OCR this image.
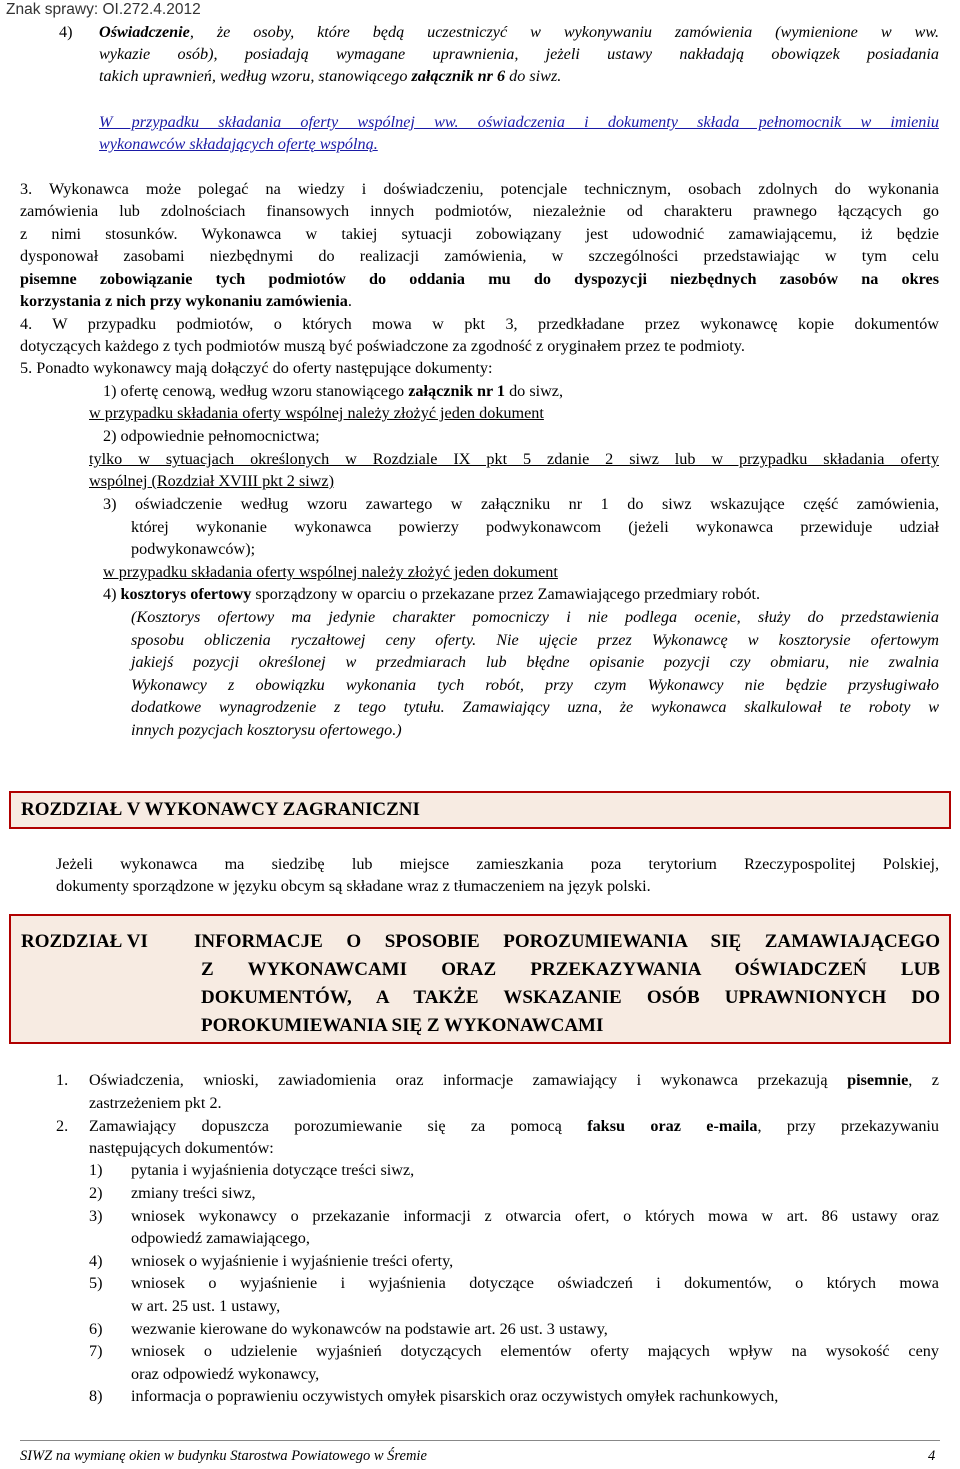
Znak sprawy: OI.272.4.2012
4) Oświadczenie, że osoby, które będą uczestniczyć w wykonywaniu zamówienia (wymienione w ww.
wykazie osób), posiadają wymagane uprawnienia, jeżeli ustawy nakładają obowiązek posiadania
takich uprawnień, według wzoru, stanowiącego załącznik nr 6 do siwz.
W przypadku składania oferty wspólnej ww. oświadczenia i dokumenty składa pełnomocnik w imieniu
wykonawców składających ofertę wspólną.
3. Wykonawca może polegać na wiedzy i doświadczeniu, potencjale technicznym, osobach zdolnych do wykonania
zamówienia lub zdolnościach finansowych innych podmiotów, niezależnie od charakteru prawnego łączących go
z nimi stosunków. Wykonawca w takiej sytuacji zobowiązany jest udowodnić zamawiającemu, iż będzie
dysponował zasobami niezbędnymi do realizacji zamówienia, w szczególności przedstawiając w tym celu
pisemne zobowiązanie tych podmiotów do oddania mu do dyspozycji niezbędnych zasobów na okres
korzystania z nich przy wykonaniu zamówienia.
4. W przypadku podmiotów, o których mowa w pkt 3, przedkładane przez wykonawcę kopie dokumentów
dotyczących każdego z tych podmiotów muszą być poświadczone za zgodność z oryginałem przez te podmioty.
5. Ponadto wykonawcy mają dołączyć do oferty następujące dokumenty:
1) ofertę cenową, według wzoru stanowiącego załącznik nr 1 do siwz,
w przypadku składania oferty wspólnej należy złożyć jeden dokument
2) odpowiednie pełnomocnictwa;
tylko w sytuacjach określonych w Rozdziale IX pkt 5 zdanie 2 siwz lub w przypadku składania oferty
wspólnej (Rozdział XVIII pkt 2 siwz)
3) oświadczenie według wzoru zawartego w załączniku nr 1 do siwz wskazujące część zamówienia,
której wykonanie wykonawca powierzy podwykonawcom (jeżeli wykonawca przewiduje udział
podwykonawców);
w przypadku składania oferty wspólnej należy złożyć jeden dokument
4) kosztorys ofertowy sporządzony w oparciu o przekazane przez Zamawiającego przedmiary robót.
(Kosztorys ofertowy ma jedynie charakter pomocniczy i nie podlega ocenie, służy do przedstawienia
sposobu obliczenia ryczałtowej ceny oferty. Nie ujęcie przez Wykonawcę w kosztorysie ofertowym
jakiejś pozycji określonej w przedmiarach lub błędne opisanie pozycji czy obmiaru, nie zwalnia
Wykonawcy z obowiązku wykonania tych robót, przy czym Wykonawcy nie będzie przysługiwało
dodatkowe wynagrodzenie z tego tytułu. Zamawiający uzna, że wykonawca skalkulował te roboty w
innych pozycjach kosztorysu ofertowego.)
ROZDZIAŁ V WYKONAWCY ZAGRANICZNI
Jeżeli wykonawca ma siedzibę lub miejsce zamieszkania poza terytorium Rzeczypospolitej Polskiej,
dokumenty sporządzone w języku obcym są składane wraz z tłumaczeniem na język polski.
ROZDZIAŁ VI INFORMACJE O SPOSOBIE POROZUMIEWANIA SIĘ ZAMAWIAJĄCEGO
Z WYKONAWCAMI ORAZ PRZEKAZYWANIA OŚWIADCZEŃ LUB
DOKUMENTÓW, A TAKŻE WSKAZANIE OSÓB UPRAWNIONYCH DO
POROKUMIEWANIA SIĘ Z WYKONAWCAMI
1. Oświadczenia, wnioski, zawiadomienia oraz informacje zamawiający i wykonawca przekazują pisemnie, z
zastrzeżeniem pkt 2.
2. Zamawiający dopuszcza porozumiewanie się za pomocą faksu oraz e-maila, przy przekazywaniu
następujących dokumentów:
1) pytania i wyjaśnienia dotyczące treści siwz,
2) zmiany treści siwz,
3) wniosek wykonawcy o przekazanie informacji z otwarcia ofert, o których mowa w art. 86 ustawy oraz
odpowiedź zamawiającego,
4) wniosek o wyjaśnienie i wyjaśnienie treści oferty,
5) wniosek o wyjaśnienie i wyjaśnienia dotyczące oświadczeń i dokumentów, o których mowa
w art. 25 ust. 1 ustawy,
6) wezwanie kierowane do wykonawców na podstawie art. 26 ust. 3 ustawy,
7) wniosek o udzielenie wyjaśnień dotyczących elementów oferty mających wpływ na wysokość ceny
oraz odpowiedź wykonawcy,
8) informacja o poprawieniu oczywistych omyłek pisarskich oraz oczywistych omyłek rachunkowych,
SIWZ na wymianę okien w budynku Starostwa Powiatowego w Śremie	4
